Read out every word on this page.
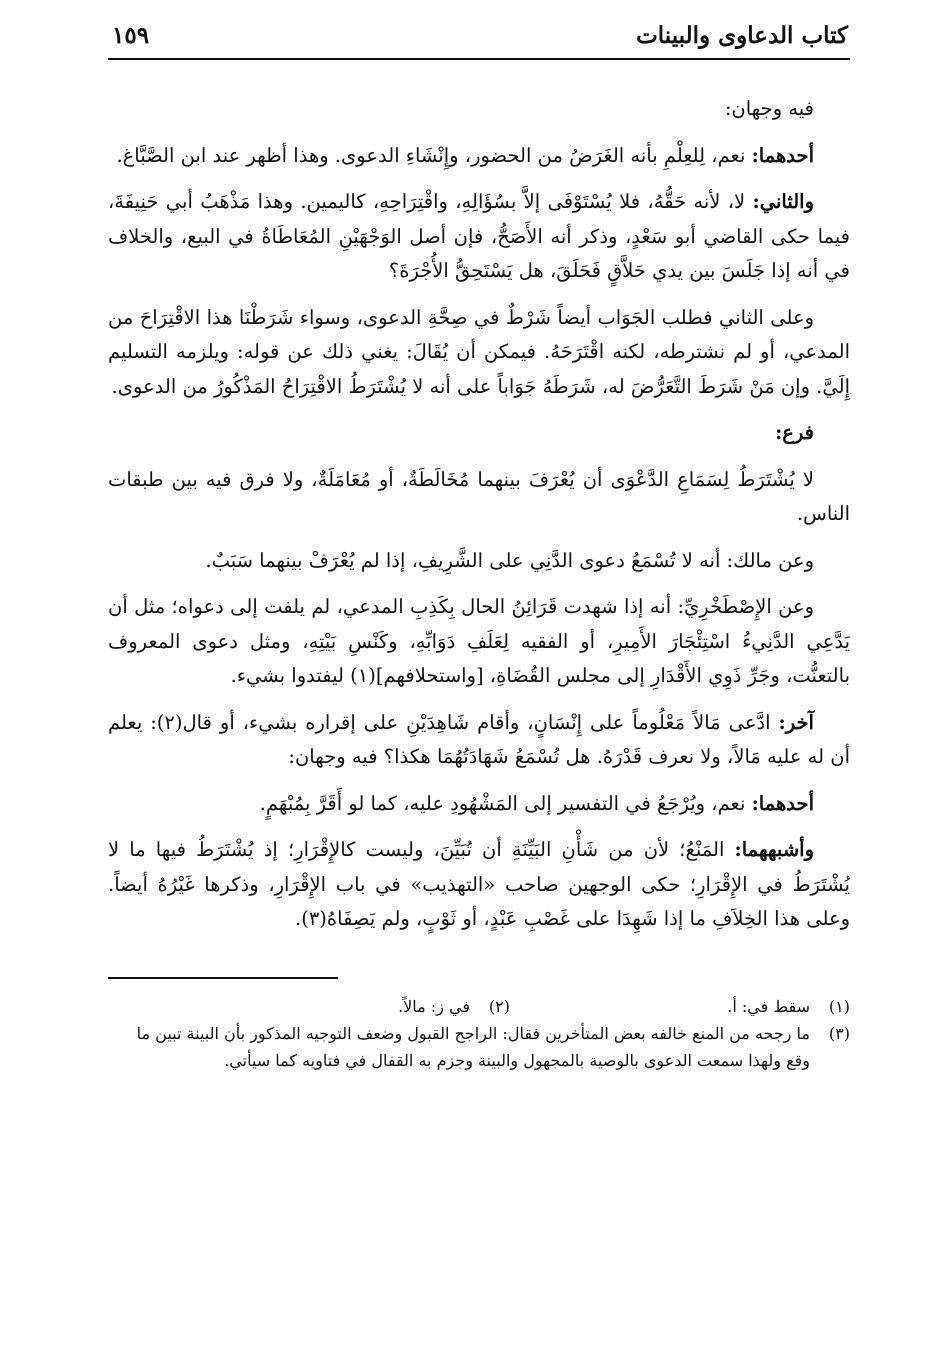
كتاب الدعاوى والبينات
١٥٩

فيه وجهان:

أحدهما: نعم، لِلعِلْمِ بأنه الغَرَضُ من الحضور، وإِنْشَاءِ الدعوى. وهذا أظهر عند ابن الصَّبَّاغ.

والثاني: لا، لأنه حَقُّهُ، فلا يُسْتَوْفَى إلاَّ بسُؤَالِهِ، واقْتِرَاحِهِ، كاليمين. وهذا مَذْهَبُ أبي حَنِيفَةَ، فيما حكى القاضي أبو سَعْدٍ، وذكر أنه الأَصَحُّ، فإن أصل الوَجْهَيْنِ المُعَاطَاةُ في البيع، والخلاف في أنه إذا جَلَسَ بين يدي حَلاَّقٍ فَحَلَقَ، هل يَسْتَحِقُّ الأُجْرَةَ؟

وعلى الثاني فطلب الجَوَاب أيضاً شَرْطٌ في صِحَّةِ الدعوى، وسواء شَرَطْنَا هذا الاقْتِرَاحَ من المدعي، أو لم نشترطه، لكنه اقْتَرَحَهُ. فيمكن أن يُقَالَ: يغني ذلك عن قوله: ويلزمه التسليم إِلَيَّ. وإن مَنْ شَرَطَ التَّعَرُّضَ له، شَرَطَهُ جَوَاباً على أنه لا يُشْتَرَطُ الاقْتِرَاحُ المَذْكُورُ من الدعوى.

فرع:

لا يُشْتَرَطُ لِسَمَاعِ الدَّعْوَى أن يُعْرَفَ بينهما مُخَالَطَةٌ، أو مُعَامَلَةٌ، ولا فرق فيه بين طبقات الناس.

وعن مالك: أنه لا تُسْمَعُ دعوى الدَّنِي على الشَّرِيفِ، إذا لم يُعْرَفْ بينهما سَبَبٌ.

وعن الإِصْطَخْرِيِّ: أنه إذا شهدت قَرَائِنُ الحال بِكَذِبِ المدعي، لم يلفت إلى دعواه؛ مثل أن يَدَّعِي الدَّنِيءُ اسْتِئْجَارَ الأَمِيرِ، أو الفقيه لِعَلَفِ دَوَابِّهِ، وكَنْسِ بَيْتِهِ، ومثل دعوى المعروف بالتعنُّت، وجَرِّ ذَوِي الأَقْدَارِ إلى مجلس القُضَاةِ، [واستحلافهم](١) ليفتدوا بشيء.

آخر: ادَّعى مَالاً مَعْلُوماً على إِنْسَانٍ، وأقام شَاهِدَيْنِ على إقراره بشيء، أو قال(٢): يعلم أن له عليه مَالاً، ولا نعرف قَدْرَهُ. هل تُسْمَعُ شَهَادَتُهُمَا هكذا؟ فيه وجهان:

أحدهما: نعم، ويُرْجَعُ في التفسير إلى المَشْهُودِ عليه، كما لو أَقَرَّ بِمُبْهَمٍ.

وأشبههما: المَنْعُ؛ لأن من شَأْنِ البَيِّنَةِ أن تُبَيِّنَ، وليست كالإِقْرَارِ؛ إذ يُشْتَرَطُ فيها ما لا يُشْتَرَطُ في الإِقْرَارِ؛ حكى الوجهين صاحب «التهذيب» في باب الإِقْرَارِ، وذكرها غَيْرُهُ أيضاً. وعلى هذا الخِلاَفِ ما إذا شَهِدَا على غَصْبِ عَبْدٍ، أو ثَوْبٍ، ولم يَصِفَاهُ(٣).

(١)
سقط في: أ.
(٢)
في ز: مالاً.
(٣)
ما رجحه من المنع خالفه بعض المتأخرين فقال: الراجح القبول وضعف التوجيه المذكور بأن البينة تبين ما وقع ولهذا سمعت الدعوى بالوصية بالمجهول والبينة وجزم به القفال في فتاويه كما سيأتي.
